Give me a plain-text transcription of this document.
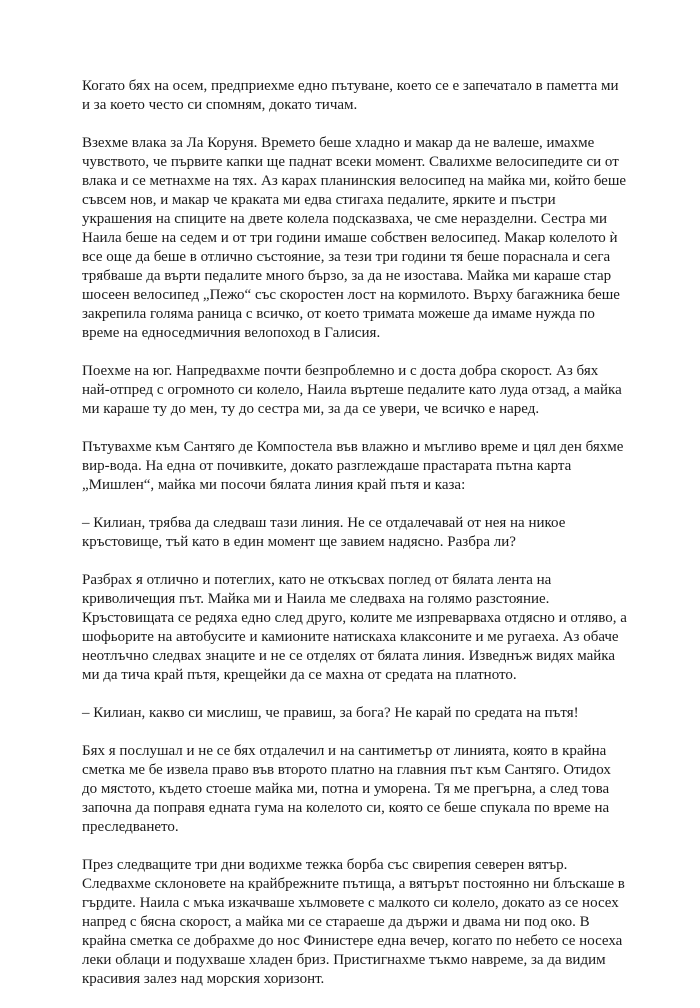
Когато бях на осем, предприехме едно пътуване, което се е запечатало в паметта ми и за което често си спомням, докато тичам.

Взехме влака за Ла Коруня. Времето беше хладно и макар да не валеше, имахме чувството, че първите капки ще паднат всеки момент. Свалихме велосипедите си от влака и се метнахме на тях. Аз карах планинския велосипед на майка ми, който беше съвсем нов, и макар че краката ми едва стигаха педалите, ярките и пъстри украшения на спиците на двете колела подсказваха, че сме неразделни. Сестра ми Наила беше на седем и от три години имаше собствен велосипед. Макар колелото ѝ все още да беше в отлично състояние, за тези три години тя беше пораснала и сега трябваше да върти педалите много бързо, за да не изостава. Майка ми караше стар шосеен велосипед „Пежо“ със скоростен лост на кормилото. Върху багажника беше закрепила голяма раница с всичко, от което тримата можеше да имаме нужда по време на едноседмичния велопоход в Галисия.

Поехме на юг. Напредвахме почти безпроблемно и с доста добра скорост. Аз бях най-отпред с огромното си колело, Наила въртеше педалите като луда отзад, а майка ми караше ту до мен, ту до сестра ми, за да се увери, че всичко е наред.

Пътувахме към Сантяго де Компостела във влажно и мъгливо време и цял ден бяхме вир-вода. На една от почивките, докато разглеждаше прастарата пътна карта „Мишлен“, майка ми посочи бялата линия край пътя и каза:

– Килиан, трябва да следваш тази линия. Не се отдалечавай от нея на никое кръстовище, тъй като в един момент ще завием надясно. Разбра ли?

Разбрах я отлично и потеглих, като не откъсвах поглед от бялата лента на криволичещия път. Майка ми и Наила ме следваха на голямо разстояние. Кръстовищата се редяха едно след друго, колите ме изпреварваха отдясно и отляво, а шофьорите на автобусите и камионите натискаха клаксоните и ме ругаеха. Аз обаче неотлъчно следвах знаците и не се отделях от бялата линия. Изведнъж видях майка ми да тича край пътя, крещейки да се махна от средата на платното.

– Килиан, какво си мислиш, че правиш, за бога? Не карай по средата на пътя!

Бях я послушал и не се бях отдалечил и на сантиметър от линията, която в крайна сметка ме бе извела право във второто платно на главния път към Сантяго. Отидох до мястото, където стоеше майка ми, потна и уморена. Тя ме прегърна, а след това започна да поправя едната гума на колелото си, която се беше спукала по време на преследването.

През следващите три дни водихме тежка борба със свирепия северен вятър. Следвахме склоновете на крайбрежните пътища, а вятърът постоянно ни блъскаше в гърдите. Наила с мъка изкачваше хълмовете с малкото си колело, докато аз се носех напред с бясна скорост, а майка ми се стараеше да държи и двама ни под око. В крайна сметка се добрахме до нос Финистере една вечер, когато по небето се носеха леки облаци и подухваше хладен бриз. Пристигнахме тъкмо навреме, за да видим красивия залез над морския хоризонт.
